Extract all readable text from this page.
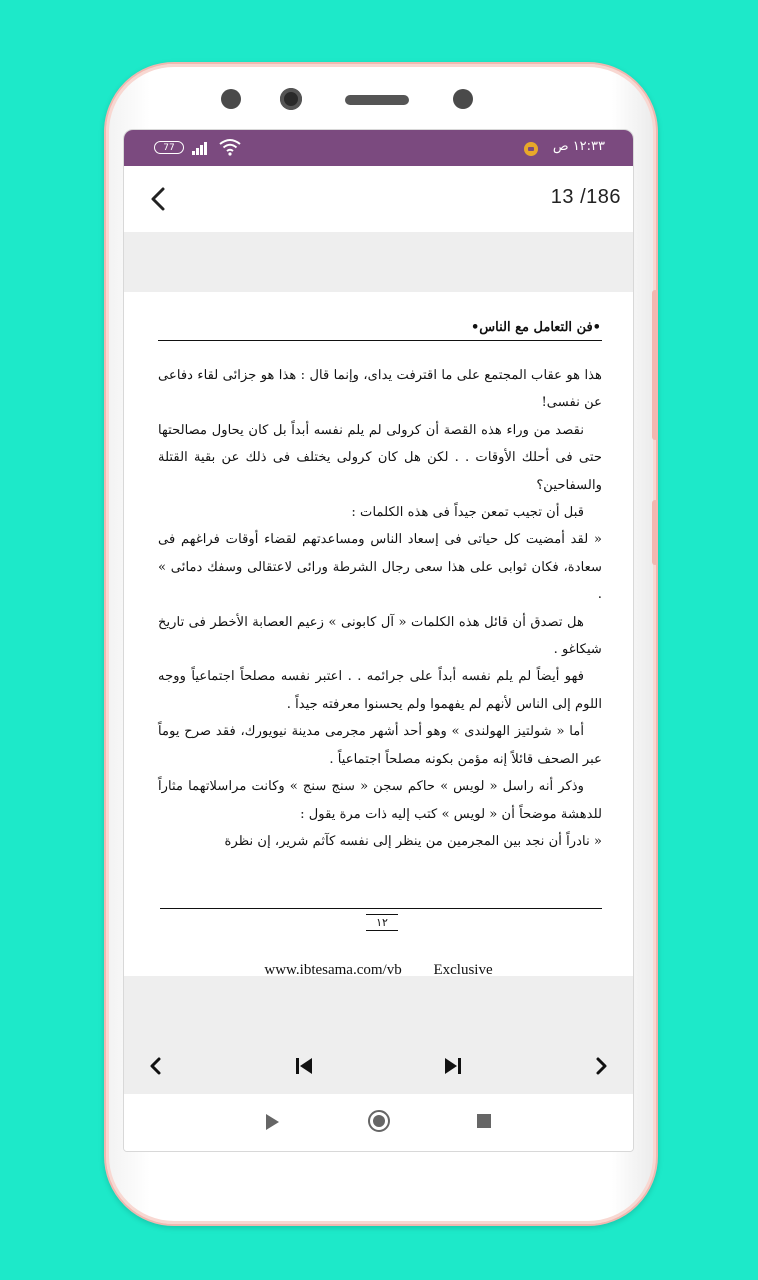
77	١٢:٣٣ ص
13 /186
•فن التعامل مع الناس•

هذا هو عقاب المجتمع على ما اقترفت يداى، وإنما قال : هذا هو جزائى لقاء دفاعى عن نفسى!

نقصد من وراء هذه القصة أن كرولى لم يلم نفسه أبداً بل كان يحاول مصالحتها حتى فى أحلك الأوقات . . لكن هل كان كرولى يختلف فى ذلك عن بقية القتلة والسفاحين؟

قبل أن تجيب تمعن جيداً فى هذه الكلمات :

« لقد أمضيت كل حياتى فى إسعاد الناس ومساعدتهم لقضاء أوقات فراغهم فى سعادة، فكان ثوابى على هذا سعى رجال الشرطة ورائى لاعتقالى وسفك دمائى » .

هل تصدق أن قائل هذه الكلمات « آل كابونى » زعيم العصابة الأخطر فى تاريخ شيكاغو .

فهو أيضاً لم يلم نفسه أبداً على جرائمه . . اعتبر نفسه مصلحاً اجتماعياً ووجه اللوم إلى الناس لأنهم لم يفهموا ولم يحسنوا معرفته جيداً .

أما « شولتيز الهولندى » وهو أحد أشهر مجرمى مدينة نيويورك، فقد صرح يوماً عبر الصحف قائلاً إنه مؤمن بكونه مصلحاً اجتماعياً .

وذكر أنه راسل « لويس » حاكم سجن « سنج سنج » وكانت مراسلاتهما مثاراً للدهشة موضحاً أن « لويس » كتب إليه ذات مرة يقول :

« نادراً أن نجد بين المجرمين من ينظر إلى نفسه كآثم شرير، إن نظرة

١٢
www.ibtesama.com/vb Exclusive
